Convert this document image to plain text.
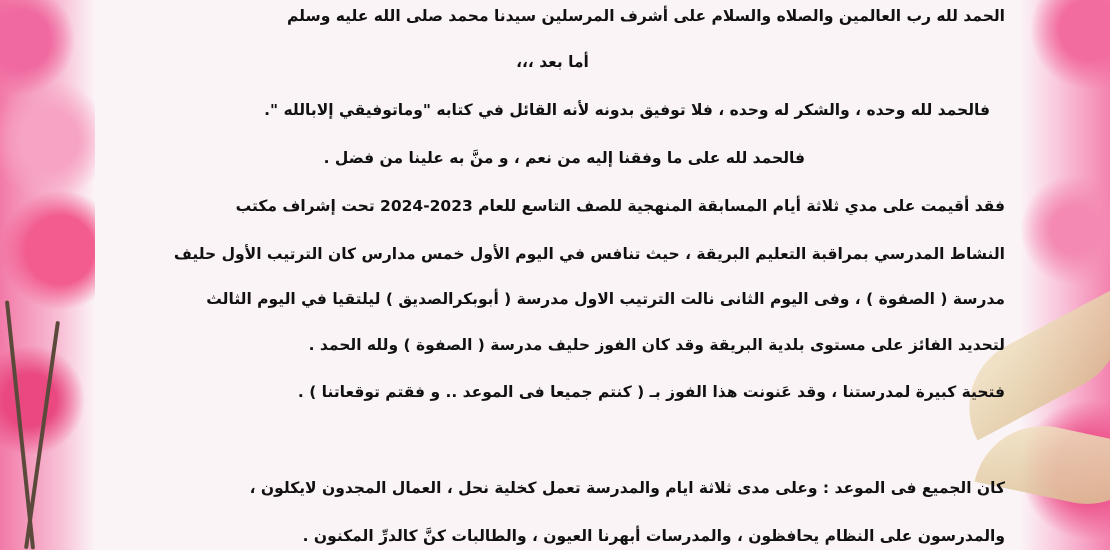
الحمد لله رب العالمين والصلاه والسلام على أشرف المرسلين سيدنا محمد صلى الله عليه وسلم
أما بعد ،،،
فالحمد لله وحده ، والشكر له وحده ، فلا توفيق بدونه لأنه القائل في كتابه "وماتوفيقي إلابالله ".
فالحمد لله على ما وفقنا إليه من نعم ، و منَّ به علينا من فضل .
فقد أقيمت على مدي ثلاثة أيام المسابقة المنهجية للصف التاسع للعام 2023-2024 تحت إشراف مكتب
النشاط المدرسي بمراقبة التعليم البريقة ، حيث تنافس في اليوم الأول خمس مدارس كان الترتيب الأول حليف
مدرسة ( الصفوة ) ، وفى اليوم الثانى نالت الترتيب الاول مدرسة ( أبوبكرالصديق ) ليلتقيا في اليوم الثالث
لتحديد الفائز على مستوى بلدية البريقة وقد كان الفوز حليف مدرسة ( الصفوة ) ولله الحمد .
فتحية كبيرة لمدرستنا ، وقد عَنونت هذا الفوز بـ ( كنتم جميعا فى الموعد .. و فقتم توقعاتنا ) .
كان الجميع فى الموعد : وعلى مدى ثلاثة ايام والمدرسة تعمل كخلية نحل ، العمال المجدون لايكلون ،
والمدرسون على النظام يحافظون ، والمدرسات أبهرنا العيون ، والطالبات كنَّ كالدرِّ المكنون .
